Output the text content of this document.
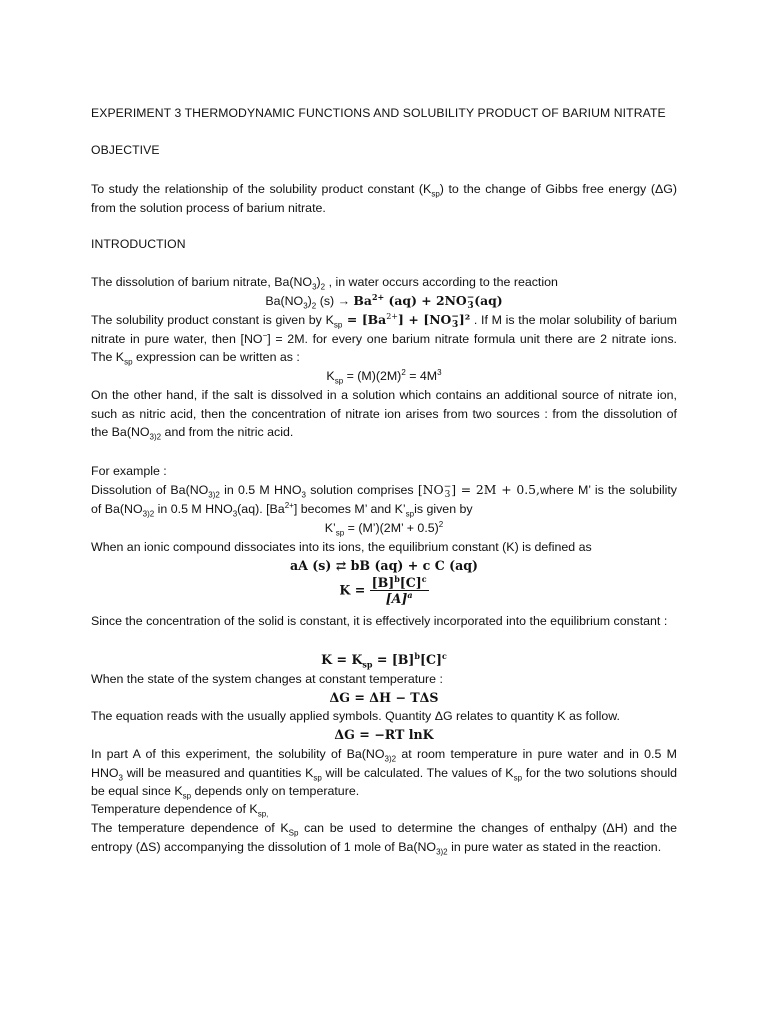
EXPERIMENT 3 THERMODYNAMIC FUNCTIONS AND SOLUBILITY PRODUCT OF BARIUM NITRATE
OBJECTIVE
To study the relationship of the solubility product constant $(K_{sp})$ to the change of Gibbs free energy (ΔG) from the solution process of barium nitrate.
INTRODUCTION
The dissolution of barium nitrate, $Ba(NO_3)_2$ , in water occurs according to the reaction
$Ba(NO_3)_2$ $(s) \to Ba^{2+}$ (aq) + 2NO −
3 (aq)
The solubility product constant is given by $K_{sp} = [Ba^{2+}] + [NO$ −
3 ]² . If M is the molar solubility of barium nitrate in pure water, then [NO−] = 2M. for every one barium nitrate formula unit there are 2 nitrate ions. The $K_{sp}$ expression can be written as :
$K_{sp} = (M)(2M)^2 = 4M^3$
On the other hand, if the salt is dissolved in a solution which contains an additional source of nitrate ion, such as nitric acid, then the concentration of nitrate ion arises from two sources : from the dissolution of the $Ba(NO_{3)2}$ and from the nitric acid.
For example :
Dissolution of $Ba(NO_{3)2}$ in 0.5 M $HNO_3$ solution comprises [NO −
3 ] = 2M + 0.5,where M’ is the solubility of $Ba(NO_{3)2}$ in 0.5 M $HNO_3(aq)$. $[Ba^{2+}]$ becomes M’ and $K’_{sp}is$ given by
$K’_{sp}$ = (M’)(2M’ + 0.5)$^2$
When an ionic compound dissociates into its ions, the equilibrium constant (K) is defined as
aA (s) ⇄ bB (aq) + c C (aq)
$K = \frac{[B]^b[C]^c}{[A]^a}$
Since the concentration of the solid is constant, it is effectively incorporated into the equilibrium constant :
$K = K_{sp} = [B]^b[C]^c$
When the state of the system changes at constant temperature :
ΔG = ΔH − TΔS
The equation reads with the usually applied symbols. Quantity ΔG relates to quantity K as follow.
ΔG = −RT lnK
In part A of this experiment, the solubility of $Ba(NO_{3)2}$ at room temperature in pure water and in 0.5 M $HNO_3$ will be measured and quantities $K_{sp}$ will be calculated. The values of $K_{sp}$ for the two solutions should be equal since $K_{sp}$ depends only on temperature.
Temperature dependence of $K_{sp,}$
The temperature dependence of $K_{Sp}$ can be used to determine the changes of enthalpy (ΔH) and the entropy (ΔS) accompanying the dissolution of 1 mole of $Ba(NO_{3)2}$ in pure water as stated in the reaction.
